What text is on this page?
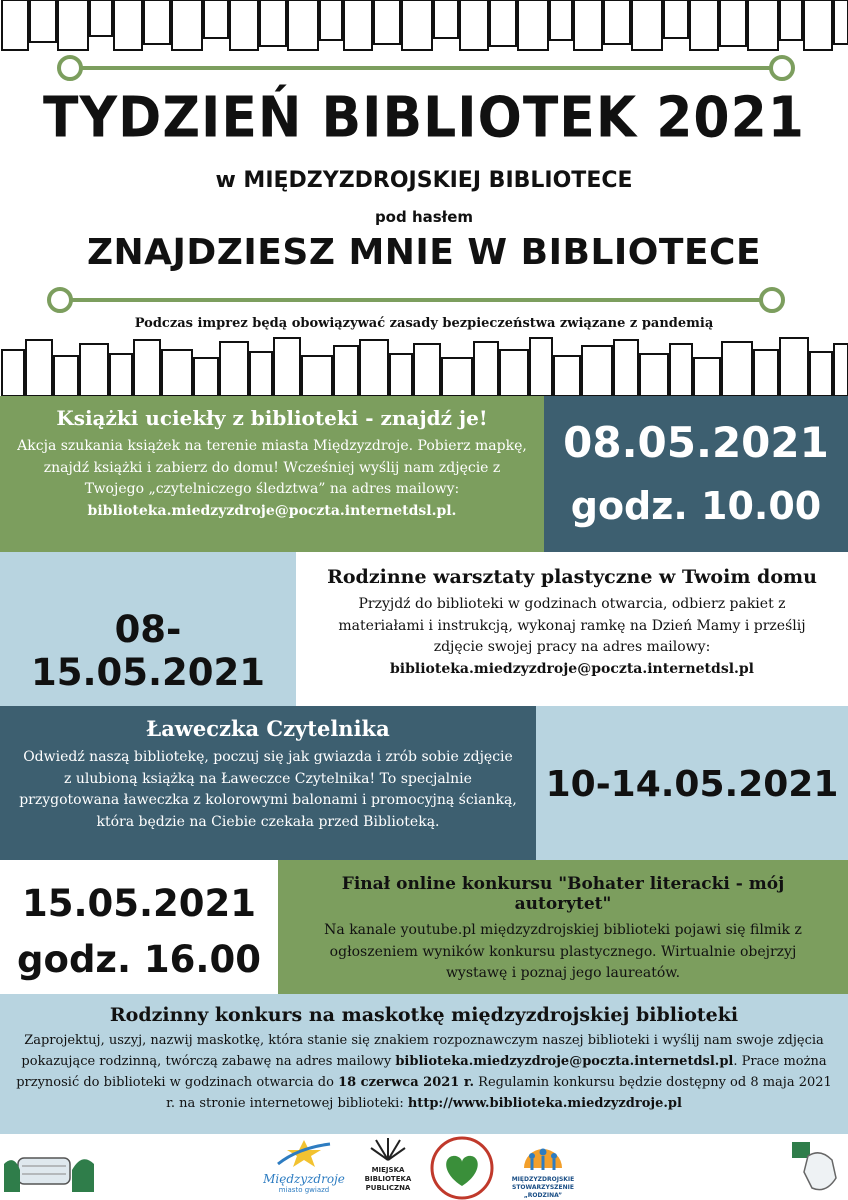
TYDZIEŃ BIBLIOTEK 2021
w MIĘDZYZDROJSKIEJ BIBLIOTECE
pod hasłem
ZNAJDZIESZ MNIE W BIBLIOTECE
Podczas imprez będą obowiązywać zasady bezpieczeństwa związane z pandemią
Książki uciekły z biblioteki - znajdź je!
Akcja szukania książek na terenie miasta Międzyzdroje. Pobierz mapkę, znajdź książki i zabierz do domu! Wcześniej wyślij nam zdjęcie z Twojego „czytelniczego śledztwa” na adres mailowy:
biblioteka.miedzyzdroje@poczta.internetdsl.pl.
08.05.2021
godz. 10.00
08-15.05.2021
Rodzinne warsztaty plastyczne w Twoim domu
Przyjdź do biblioteki w godzinach otwarcia, odbierz pakiet z materiałami i instrukcją, wykonaj ramkę na Dzień Mamy i prześlij zdjęcie swojej pracy na adres mailowy:
biblioteka.miedzyzdroje@poczta.internetdsl.pl
Ławeczka Czytelnika
Odwiedź naszą bibliotekę, poczuj się jak gwiazda i zrób sobie zdjęcie z ulubioną książką na Ławeczce Czytelnika! To specjalnie przygotowana ławeczka z kolorowymi balonami i promocyjną ścianką, która będzie na Ciebie czekała przed Biblioteką.
10-14.05.2021
15.05.2021
godz. 16.00
Finał online konkursu "Bohater literacki - mój autorytet"
Na kanale youtube.pl międzyzdrojskiej biblioteki pojawi się filmik z ogłoszeniem wyników konkursu plastycznego. Wirtualnie obejrzyj wystawę i poznaj jego laureatów.
Rodzinny konkurs na maskotkę międzyzdrojskiej biblioteki
Zaprojektuj, uszyj, nazwij maskotkę, która stanie się znakiem rozpoznawczym naszej biblioteki i wyślij nam swoje zdjęcia pokazujące rodzinną, twórczą zabawę na adres mailowy biblioteka.miedzyzdroje@poczta.internetdsl.pl. Prace można przynosić do biblioteki w godzinach otwarcia do 18 czerwca 2021 r. Regulamin konkursu będzie dostępny od 8 maja 2021 r. na stronie internetowej biblioteki: http://www.biblioteka.miedzyzdroje.pl
Międzyzdroje
miasto gwiazd
MIEJSKA
BIBLIOTEKA
PUBLICZNA
MIĘDZYZDROJSKIE STOWARZYSZENIE „RODZINA”
